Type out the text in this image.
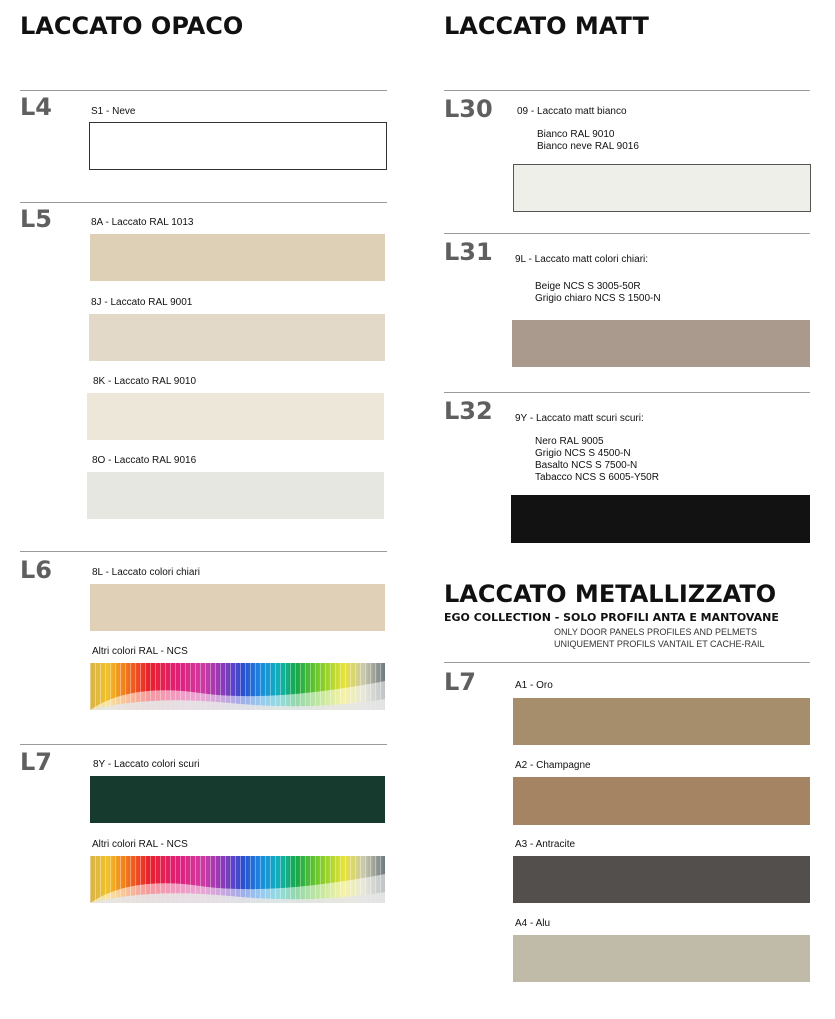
LACCATO OPACO
L4	S1 - Neve
L5	8A - Laccato RAL 1013
8J - Laccato RAL 9001
8K - Laccato RAL 9010
8O - Laccato RAL 9016
L6	8L - Laccato colori chiari
Altri colori RAL - NCS
L7	8Y - Laccato colori scuri
Altri colori RAL - NCS
LACCATO MATT
L30 09 - Laccato matt bianco
Bianco RAL 9010
Bianco neve RAL 9016
L31 9L - Laccato matt colori chiari:
Beige NCS S 3005-50R
Grigio chiaro NCS S 1500-N
L32 9Y - Laccato matt scuri scuri:
Nero RAL 9005
Grigio NCS S 4500-N
Basalto NCS S 7500-N
Tabacco NCS S 6005-Y50R
LACCATO METALLIZZATO
EGO COLLECTION - SOLO PROFILI ANTA E MANTOVANE
ONLY DOOR PANELS PROFILES AND PELMETS
UNIQUEMENT PROFILS VANTAIL ET CACHE-RAIL
L7	A1 - Oro
A2 - Champagne
A3 - Antracite
A4 - Alu
